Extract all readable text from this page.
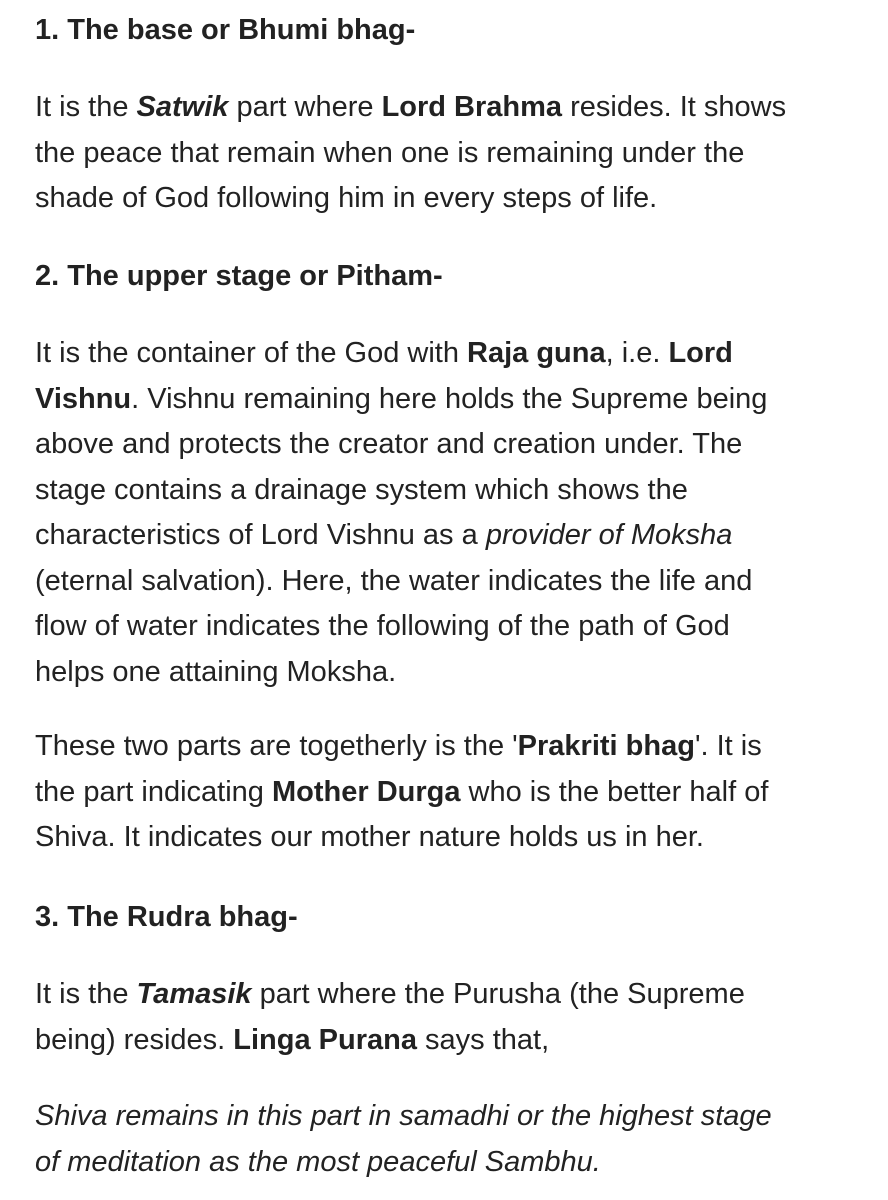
1. The base or Bhumi bhag-

It is the Satwik part where Lord Brahma resides. It shows
the peace that remain when one is remaining under the
shade of God following him in every steps of life.

2. The upper stage or Pitham-

It is the container of the God with Raja guna, i.e. Lord
Vishnu. Vishnu remaining here holds the Supreme being
above and protects the creator and creation under. The
stage contains a drainage system which shows the
characteristics of Lord Vishnu as a provider of Moksha
(eternal salvation). Here, the water indicates the life and
flow of water indicates the following of the path of God
helps one attaining Moksha.

These two parts are togetherly is the 'Prakriti bhag'. It is
the part indicating Mother Durga who is the better half of
Shiva. It indicates our mother nature holds us in her.

3. The Rudra bhag-

It is the Tamasik part where the Purusha (the Supreme
being) resides. Linga Purana says that,

Shiva remains in this part in samadhi or the highest stage
of meditation as the most peaceful Sambhu.
